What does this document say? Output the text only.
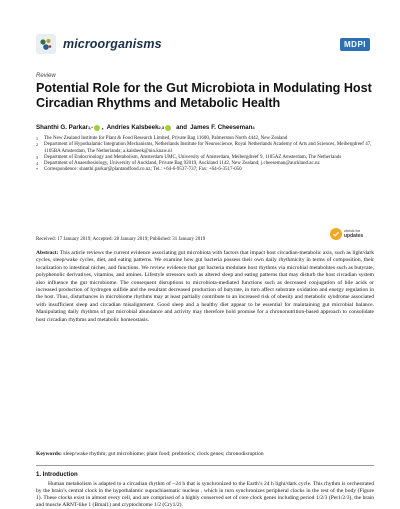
microorganisms	MDPI
Review
Potential Role for the Gut Microbiota in Modulating Host Circadian Rhythms and Metabolic Health
Shanthi G. Parkar 1,* , Andries Kalsbeek 2,3 and James F. Cheeseman 4
1	The New Zealand Institute for Plant & Food Research Limited, Private Bag 11600, Palmerston North 4442, New Zealand
2	Department of Hypothalamic Integration Mechanisms, Netherlands Institute for Neuroscience, Royal Netherlands Academy of Arts and Sciences, Meibergdreef 47, 1105BA Amsterdam, The Netherlands; a.kalsbeek@nin.knaw.nl
3	Department of Endocrinology and Metabolism, Amsterdam UMC, University of Amsterdam, Meibergdreef 9, 1105AZ Amsterdam, The Netherlands
4	Department of Anaesthesiology, University of Auckland, Private Bag 92019, Auckland 1142, New Zealand; j.cheeseman@auckland.ac.nz
*	Correspondence: shanthi.parkar@plantandfood.co.nz; Tel.: +64-6-9537-737; Fax: +64-6-3517-050
Received: 17 January 2019; Accepted: 28 January 2019; Published: 31 January 2019
check for
updates
Abstract: This article reviews the current evidence associating gut microbiota with factors that impact host circadian-metabolic axis, such as light/dark cycles, sleep/wake cycles, diet, and eating patterns. We examine how gut bacteria possess their own daily rhythmicity in terms of composition, their localization to intestinal niches, and functions. We review evidence that gut bacteria modulate host rhythms via microbial metabolites such as butyrate, polyphenolic derivatives, vitamins, and amines. Lifestyle stressors such as altered sleep and eating patterns that may disturb the host circadian system also influence the gut microbiome. The consequent disruptions to microbiota-mediated functions such as decreased conjugation of bile acids or increased production of hydrogen sulfide and the resultant decreased production of butyrate, in turn affect substrate oxidation and energy regulation in the host. Thus, disturbances in microbiome rhythms may at least partially contribute to an increased risk of obesity and metabolic syndrome associated with insufficient sleep and circadian misalignment. Good sleep and a healthy diet appear to be essential for maintaining gut microbial balance. Manipulating daily rhythms of gut microbial abundance and activity may therefore hold promise for a chrononutrition-based approach to consolidate host circadian rhythms and metabolic homeostasis.
Keywords: sleep/wake rhythm; gut microbiome; plant food; prebiotics; clock genes; chronodisruption
1. Introduction
Human metabolism is adapted to a circadian rhythm of ~24 h that is synchronized to the Earth’s 24 h light/dark cycle. This rhythm is orchestrated by the brain’s central clock in the hypothalamic suprachiasmatic nucleus , which in turn synchronizes peripheral clocks in the rest of the body (Figure 1). These clocks exist in almost every cell, and are comprised of a highly conserved set of core clock genes including period 1/2/3 (Per1/2/3), the brain and muscle ARNT-like 1 (Bmal1) and cryptochrome 1/2 (Cry1/2).
